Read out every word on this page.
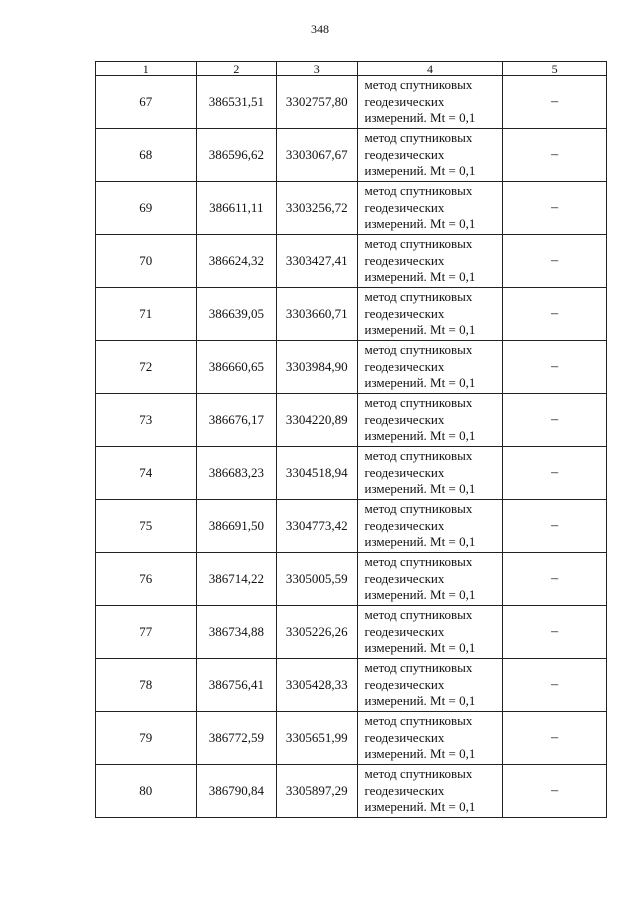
348
1	2	3	4	5
67	386531,51	3302757,80	метод спутниковых
геодезических
измерений. Mt = 0,1	–
68	386596,62	3303067,67	метод спутниковых
геодезических
измерений. Mt = 0,1	–
69	386611,11	3303256,72	метод спутниковых
геодезических
измерений. Mt = 0,1	–
70	386624,32	3303427,41	метод спутниковых
геодезических
измерений. Mt = 0,1	–
71	386639,05	3303660,71	метод спутниковых
геодезических
измерений. Mt = 0,1	–
72	386660,65	3303984,90	метод спутниковых
геодезических
измерений. Mt = 0,1	–
73	386676,17	3304220,89	метод спутниковых
геодезических
измерений. Mt = 0,1	–
74	386683,23	3304518,94	метод спутниковых
геодезических
измерений. Mt = 0,1	–
75	386691,50	3304773,42	метод спутниковых
геодезических
измерений. Mt = 0,1	–
76	386714,22	3305005,59	метод спутниковых
геодезических
измерений. Mt = 0,1	–
77	386734,88	3305226,26	метод спутниковых
геодезических
измерений. Mt = 0,1	–
78	386756,41	3305428,33	метод спутниковых
геодезических
измерений. Mt = 0,1	–
79	386772,59	3305651,99	метод спутниковых
геодезических
измерений. Mt = 0,1	–
80	386790,84	3305897,29	метод спутниковых
геодезических
измерений. Mt = 0,1	–
